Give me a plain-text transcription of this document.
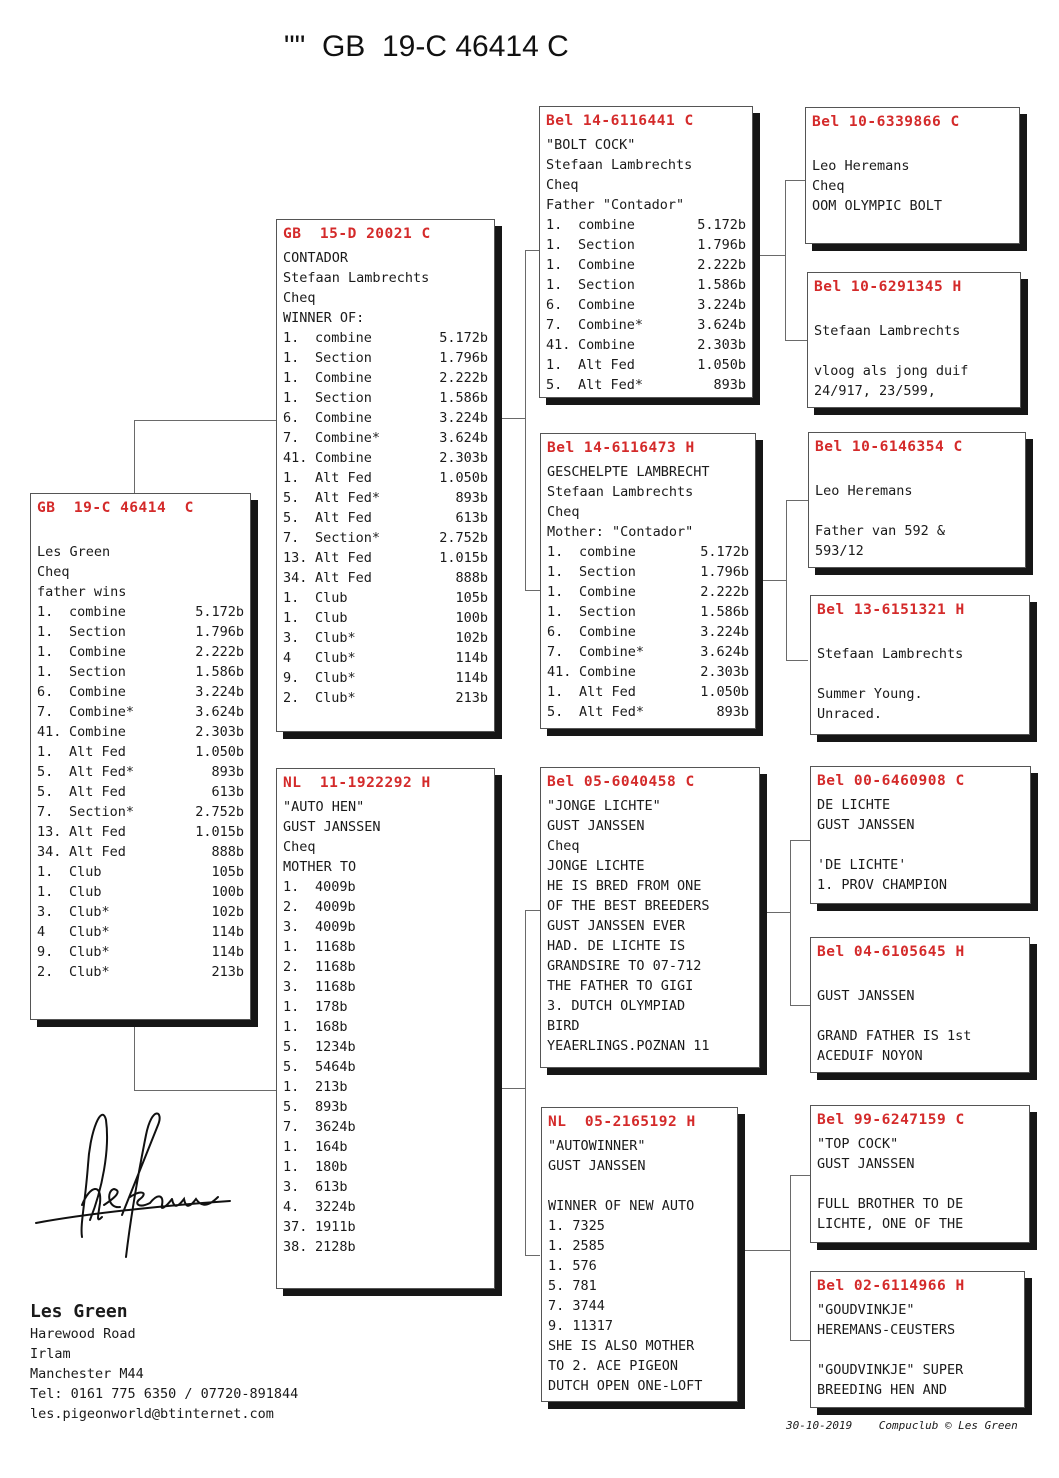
""  GB  19-C 46414 C
GB  19-C 46414  C
Les Green
Cheq
father wins
1.	combine	5.172b
1.	Section	1.796b
1.	Combine	2.222b
1.	Section	1.586b
6.	Combine	3.224b
7.	Combine*	3.624b
41. Combine	2.303b
1.	Alt Fed	1.050b
5.	Alt Fed*	893b
5.	Alt Fed	613b
7.	Section*	2.752b
13. Alt Fed	1.015b
34. Alt Fed	888b
1.	Club	105b
1.	Club	100b
3.	Club*	102b
4	Club*	114b
9.	Club*	114b
2.	Club*	213b
GB  15-D 20021 C
CONTADOR
Stefaan Lambrechts
Cheq
WINNER OF:
1.	combine	5.172b
1.	Section	1.796b
1.	Combine	2.222b
1.	Section	1.586b
6.	Combine	3.224b
7.	Combine*	3.624b
41. Combine	2.303b
1.	Alt Fed	1.050b
5.	Alt Fed*	893b
5.	Alt Fed	613b
7.	Section*	2.752b
13. Alt Fed	1.015b
34. Alt Fed	888b
1.	Club	105b
1.	Club	100b
3.	Club*	102b
4	Club*	114b
9.	Club*	114b
2.	Club*	213b
NL  11-1922292 H
"AUTO HEN"
GUST JANSSEN
Cheq
MOTHER TO
1.	4009b
2.	4009b
3.	4009b
1.	1168b
2.	1168b
3.	1168b
1.	178b
1.	168b
5.	1234b
5.	5464b
1.	213b
5.	893b
7.	3624b
1.	164b
1.	180b
3.	613b
4.	3224b
37. 1911b
38. 2128b
Bel 14-6116441 C
"BOLT COCK"
Stefaan Lambrechts
Cheq
Father "Contador"
1.	combine	5.172b
1.	Section	1.796b
1.	Combine	2.222b
1.	Section	1.586b
6.	Combine	3.224b
7.	Combine*	3.624b
41. Combine	2.303b
1.	Alt Fed	1.050b
5.	Alt Fed*	893b
Bel 14-6116473 H
GESCHELPTE LAMBRECHT
Stefaan Lambrechts
Cheq
Mother: "Contador"
1.	combine	5.172b
1.	Section	1.796b
1.	Combine	2.222b
1.	Section	1.586b
6.	Combine	3.224b
7.	Combine*	3.624b
41. Combine	2.303b
1.	Alt Fed	1.050b
5.	Alt Fed*	893b
Bel 05-6040458 C
"JONGE LICHTE"
GUST JANSSEN
Cheq
JONGE LICHTE
HE IS BRED FROM ONE
OF THE BEST BREEDERS
GUST JANSSEN EVER
HAD. DE LICHTE IS
GRANDSIRE TO 07-712
THE FATHER TO GIGI
3. DUTCH OLYMPIAD
BIRD
YEAERLINGS.POZNAN 11
NL  05-2165192 H
"AUTOWINNER"
GUST JANSSEN
WINNER OF NEW AUTO
1. 7325
1. 2585
1. 576
5. 781
7. 3744
9. 11317
SHE IS ALSO MOTHER
TO 2. ACE PIGEON
DUTCH OPEN ONE-LOFT
Bel 10-6339866 C
Leo Heremans
Cheq
OOM OLYMPIC BOLT
Bel 10-6291345 H
Stefaan Lambrechts
vloog als jong duif
24/917, 23/599,
Bel 10-6146354 C
Leo Heremans
Father van 592 &
593/12
Bel 13-6151321 H
Stefaan Lambrechts
Summer Young.
Unraced.
Bel 00-6460908 C
DE LICHTE
GUST JANSSEN
'DE LICHTE'
1. PROV CHAMPION
Bel 04-6105645 H
GUST JANSSEN
GRAND FATHER IS 1st
ACEDUIF NOYON
Bel 99-6247159 C
"TOP COCK"
GUST JANSSEN
FULL BROTHER TO DE
LICHTE, ONE OF THE
Bel 02-6114966 H
"GOUDVINKJE"
HEREMANS-CEUSTERS
"GOUDVINKJE" SUPER
BREEDING HEN AND
Les Green
Harewood Road
Irlam
Manchester M44
Tel: 0161 775 6350 / 07720-891844
les.pigeonworld@btinternet.com
30-10-2019    Compuclub © Les Green
